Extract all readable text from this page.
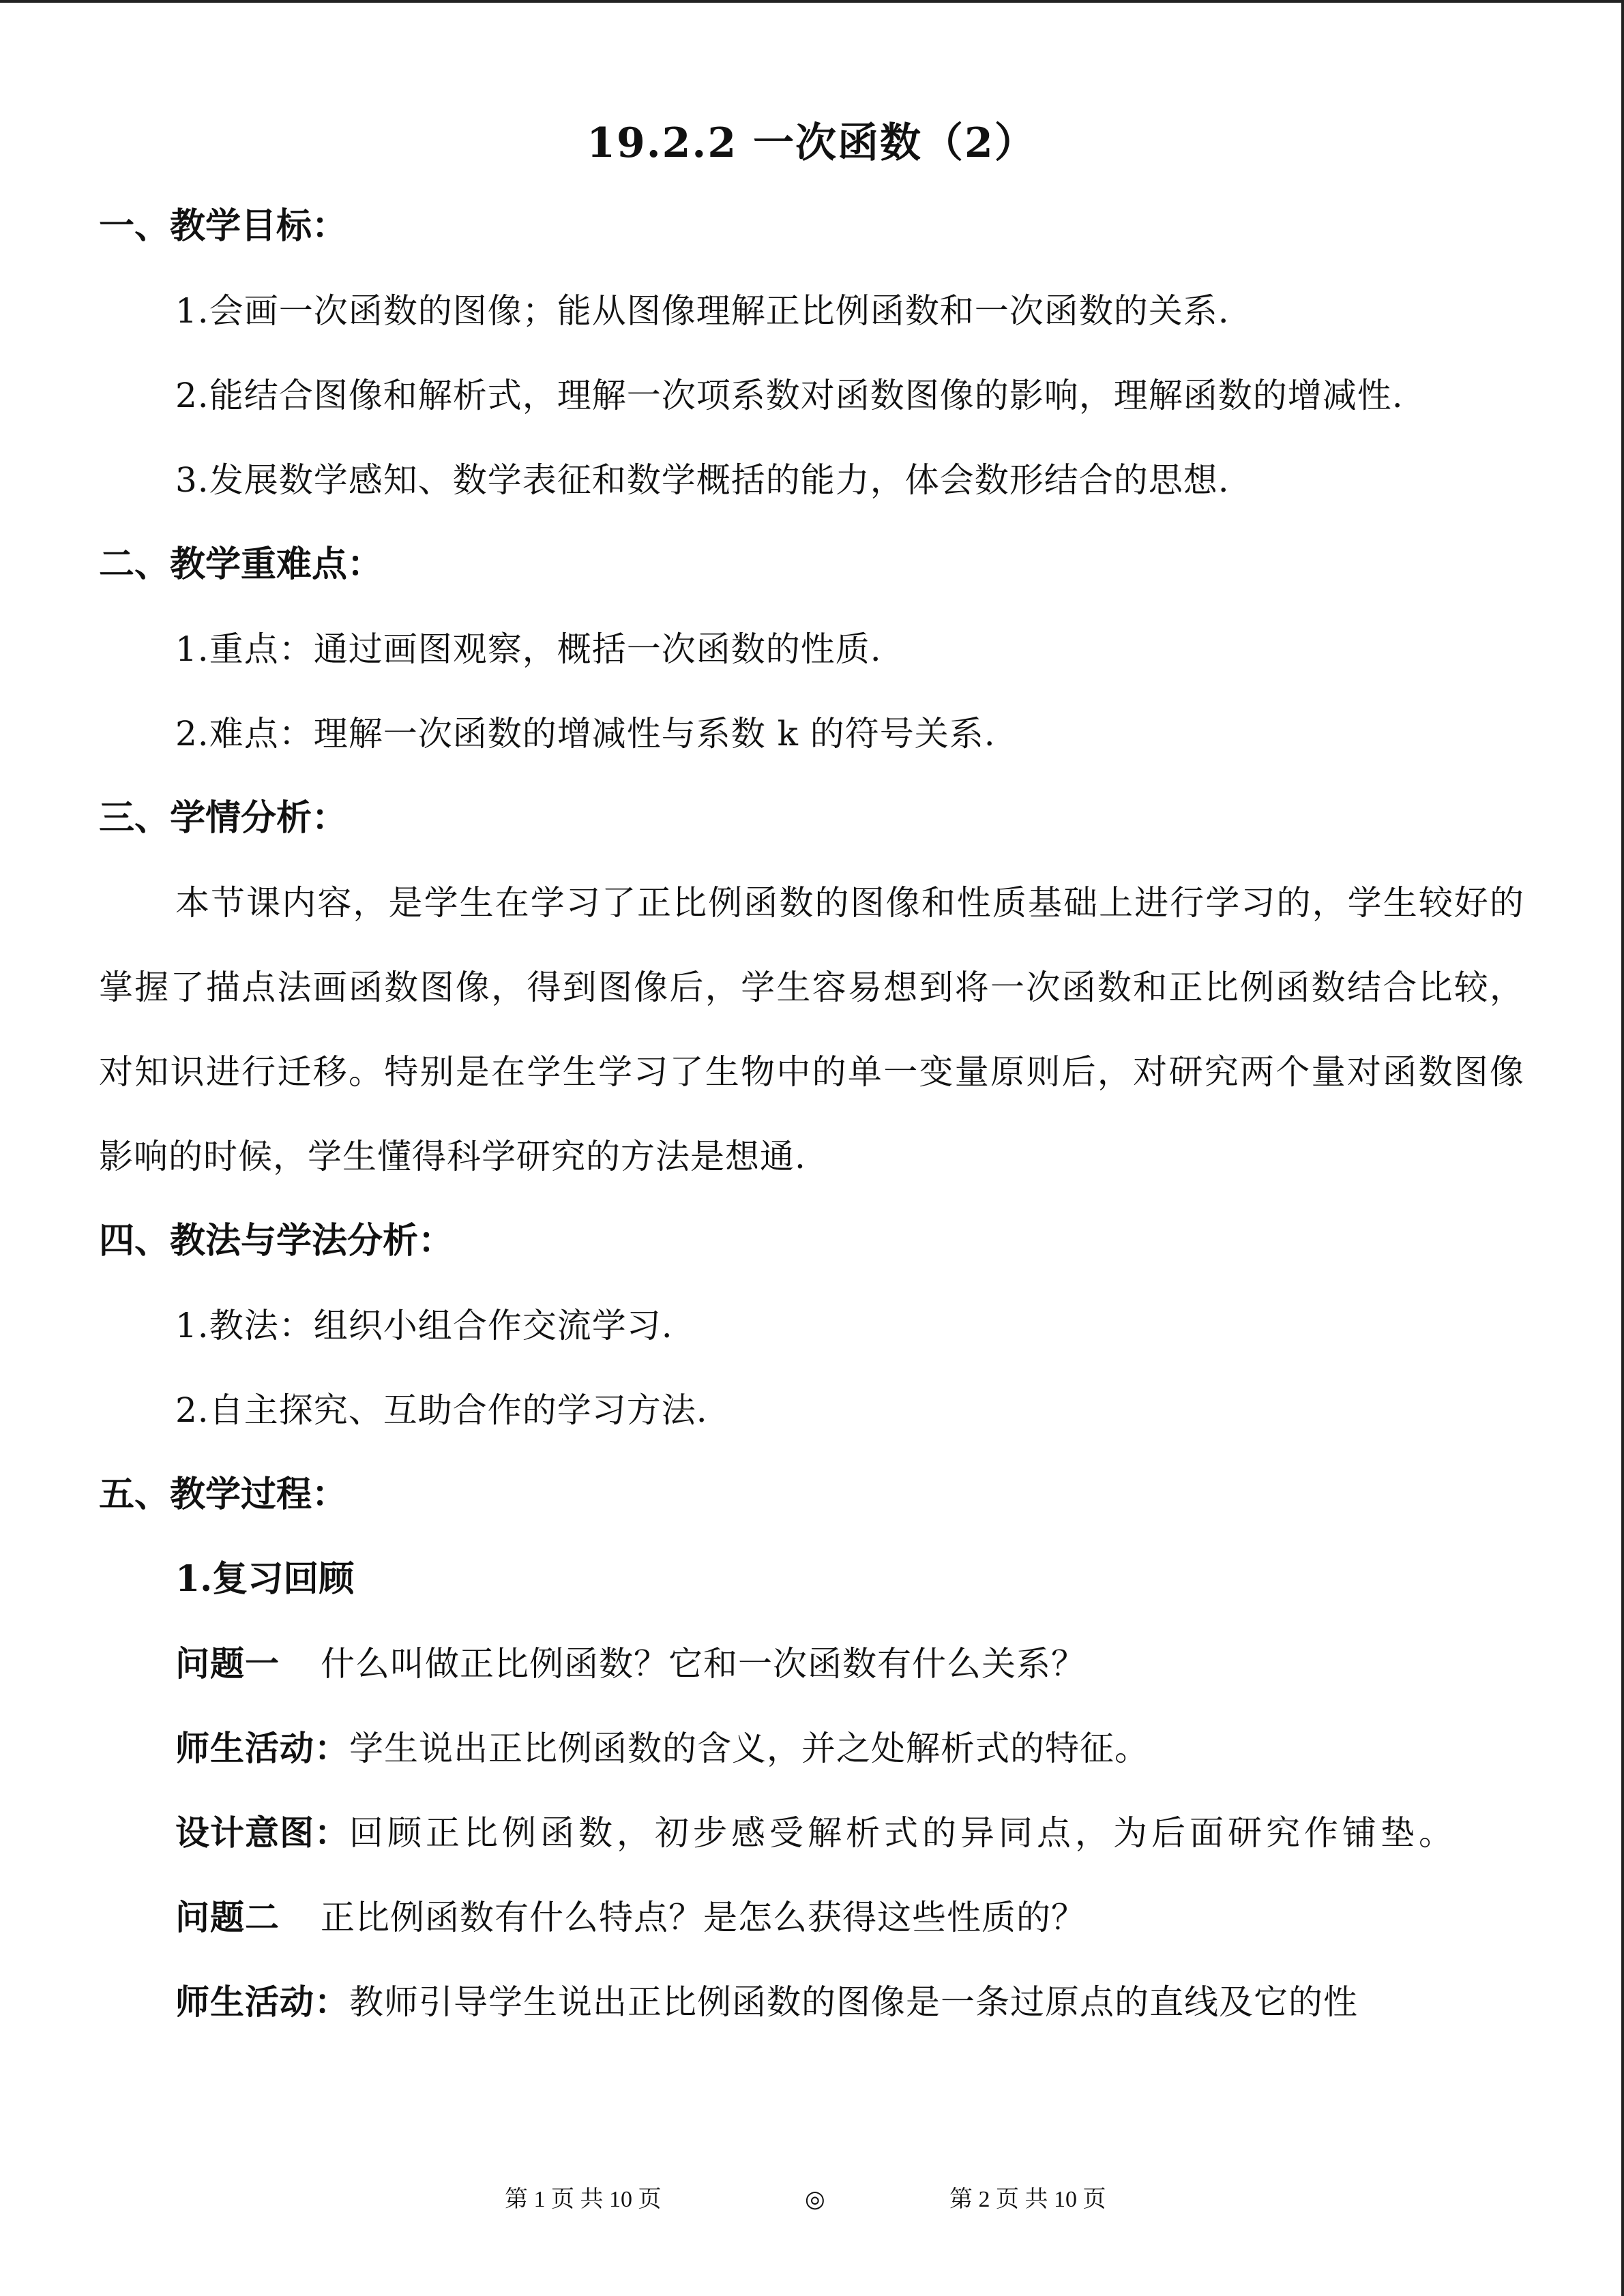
19.2.2 一次函数（2）

一、教学目标：

1.会画一次函数的图像；能从图像理解正比例函数和一次函数的关系.

2.能结合图像和解析式，理解一次项系数对函数图像的影响，理解函数的增减性.

3.发展数学感知、数学表征和数学概括的能力，体会数形结合的思想.

二、教学重难点：

1.重点：通过画图观察，概括一次函数的性质.

2.难点：理解一次函数的增减性与系数 k 的符号关系.

三、学情分析：

本节课内容，是学生在学习了正比例函数的图像和性质基础上进行学习的，学生较好的掌握了描点法画函数图像，得到图像后，学生容易想到将一次函数和正比例函数结合比较，对知识进行迁移。特别是在学生学习了生物中的单一变量原则后，对研究两个量对函数图像影响的时候，学生懂得科学研究的方法是想通.

四、教法与学法分析：

1.教法：组织小组合作交流学习.

2.自主探究、互助合作的学习方法.

五、教学过程：

1.复习回顾

问题一 什么叫做正比例函数？它和一次函数有什么关系？

师生活动：学生说出正比例函数的含义，并之处解析式的特征。

设计意图：回顾正比例函数，初步感受解析式的异同点，为后面研究作铺垫。

问题二 正比例函数有什么特点？是怎么获得这些性质的？

师生活动：教师引导学生说出正比例函数的图像是一条过原点的直线及它的性

第 1 页 共 10 页	◎	第 2 页 共 10 页
